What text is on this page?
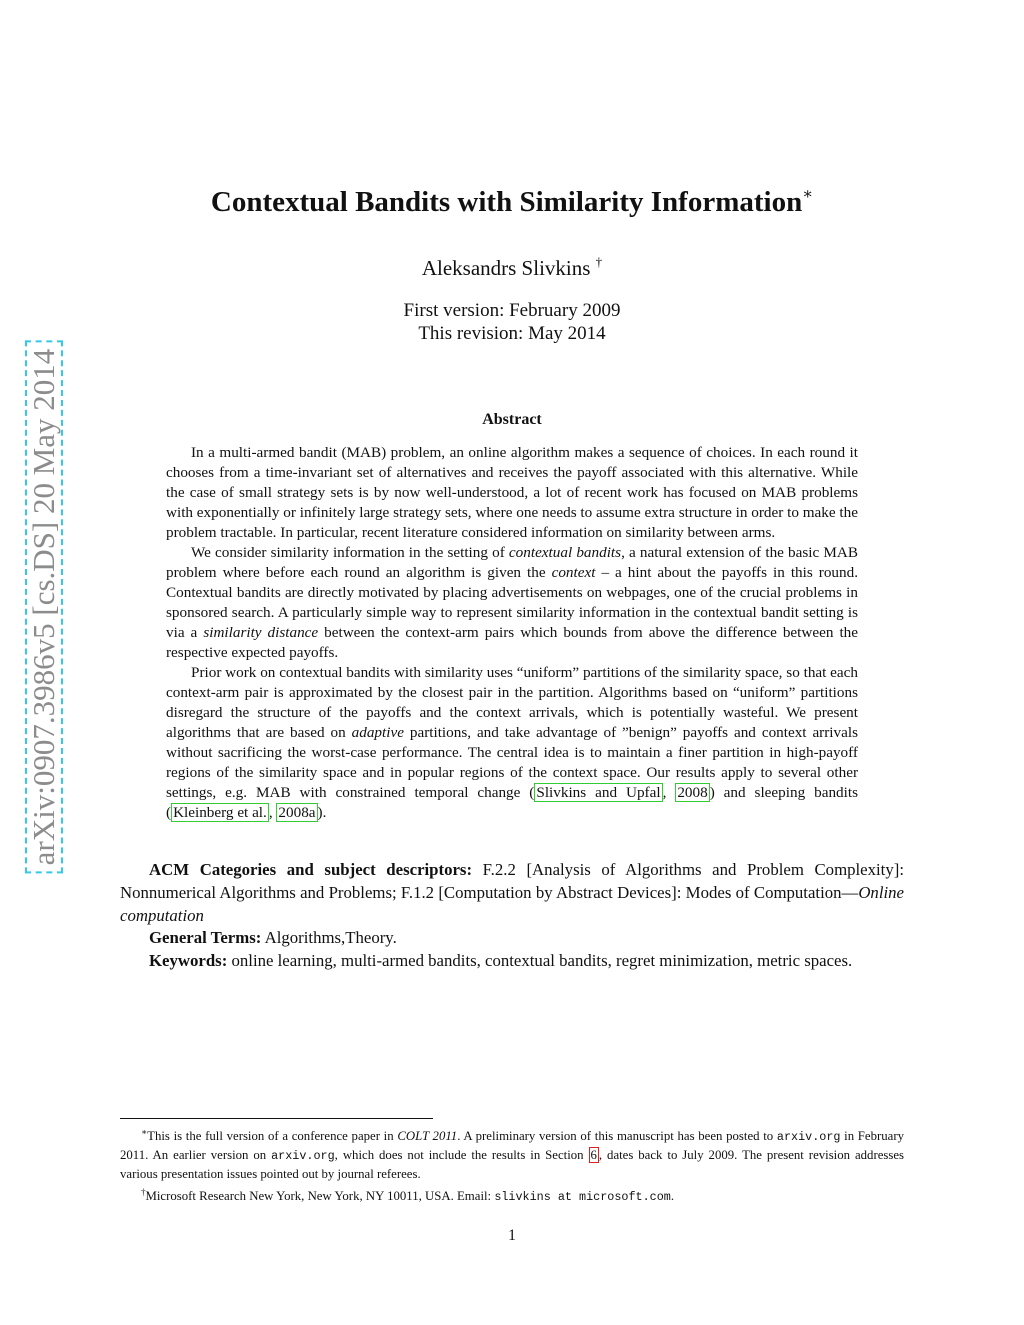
arXiv:0907.3986v5 [cs.DS] 20 May 2014
Contextual Bandits with Similarity Information∗
Aleksandrs Slivkins †
First version: February 2009
This revision: May 2014
Abstract

In a multi-armed bandit (MAB) problem, an online algorithm makes a sequence of choices. In each round it chooses from a time-invariant set of alternatives and receives the payoff associated with this alternative. While the case of small strategy sets is by now well-understood, a lot of recent work has focused on MAB problems with exponentially or infinitely large strategy sets, where one needs to assume extra structure in order to make the problem tractable. In particular, recent literature considered information on similarity between arms.

We consider similarity information in the setting of contextual bandits, a natural extension of the basic MAB problem where before each round an algorithm is given the context – a hint about the payoffs in this round. Contextual bandits are directly motivated by placing advertisements on webpages, one of the crucial problems in sponsored search. A particularly simple way to represent similarity information in the contextual bandit setting is via a similarity distance between the context-arm pairs which bounds from above the difference between the respective expected payoffs.

Prior work on contextual bandits with similarity uses “uniform” partitions of the similarity space, so that each context-arm pair is approximated by the closest pair in the partition. Algorithms based on “uniform” partitions disregard the structure of the payoffs and the context arrivals, which is potentially wasteful. We present algorithms that are based on adaptive partitions, and take advantage of ”benign” payoffs and context arrivals without sacrificing the worst-case performance. The central idea is to maintain a finer partition in high-payoff regions of the similarity space and in popular regions of the context space. Our results apply to several other settings, e.g. MAB with constrained temporal change ( Slivkins and Upfal , 2008 ) and sleeping bandits ( Kleinberg et al. , 2008a ).

ACM Categories and subject descriptors: F.2.2 [Analysis of Algorithms and Problem Complexity]: Nonnumerical Algorithms and Problems; F.1.2 [Computation by Abstract Devices]: Modes of Computation—Online computation

General Terms: Algorithms,Theory.

Keywords: online learning, multi-armed bandits, contextual bandits, regret minimization, metric spaces.

∗This is the full version of a conference paper in COLT 2011. A preliminary version of this manuscript has been posted to arxiv.org in February 2011. An earlier version on arxiv.org, which does not include the results in Section 6 , dates back to July 2009. The present revision addresses various presentation issues pointed out by journal referees.

†Microsoft Research New York, New York, NY 10011, USA. Email: slivkins at microsoft.com.

1
